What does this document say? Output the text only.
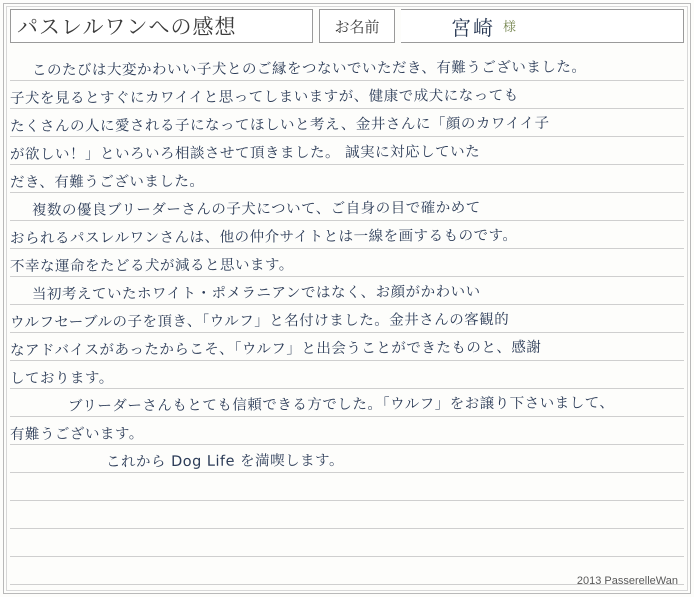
パスレルワンへの感想	お名前	宮崎 様
このたびは大変かわいい子犬とのご縁をつないでいただき、有難うございました。
子犬を見るとすぐにカワイイと思ってしまいますが、健康で成犬になっても
たくさんの人に愛される子になってほしいと考え、金井さんに「顔のカワイイ子
が欲しい！」といろいろ相談させて頂きました。 誠実に対応していた
だき、有難うございました。
複数の優良ブリーダーさんの子犬について、ご自身の目で確かめて
おられるパスレルワンさんは、他の仲介サイトとは一線を画するものです。
不幸な運命をたどる犬が減ると思います。
当初考えていたホワイト・ポメラニアンではなく、お顔がかわいい
ウルフセーブルの子を頂き、「ウルフ」と名付けました。金井さんの客観的
なアドバイスがあったからこそ、「ウルフ」と出会うことができたものと、感謝
しております。
ブリーダーさんもとても信頼できる方でした。「ウルフ」をお譲り下さいまして、
有難うございます。
これから Dog Life を満喫します。
2013 PasserelleWan
